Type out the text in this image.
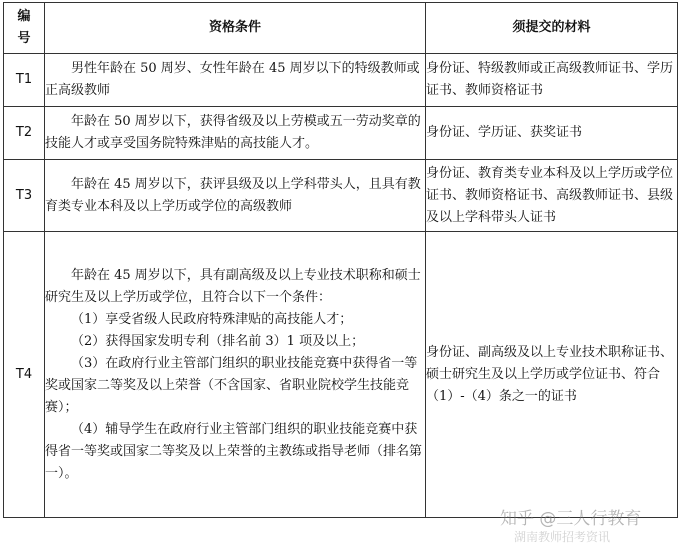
编
号	资格条件	须提交的材料
T1	男性年龄在 50 周岁、女性年龄在 45 周岁以下的特级教师或正高级教师	身份证、特级教师或正高级教师证书、学历证书、教师资格证书

T2	年龄在 50 周岁以下，获得省级及以上劳模或五一劳动奖章的技能人才或享受国务院特殊津贴的高技能人才。	身份证、学历证、获奖证书

T3	年龄在 45 周岁以下，获评县级及以上学科带头人，且具有教育类专业本科及以上学历或学位的高级教师	身份证、教育类专业本科及以上学历或学位证书、教师资格证书、高级教师证书、县级及以上学科带头人证书

T4	年龄在 45 周岁以下，具有副高级及以上专业技术职称和硕士研究生及以上学历或学位，且符合以下一个条件：

（1）享受省级人民政府特殊津贴的高技能人才；

（2）获得国家发明专利（排名前 3）1 项及以上；

（3）在政府行业主管部门组织的职业技能竞赛中获得省一等奖或国家二等奖及以上荣誉（不含国家、省职业院校学生技能竞赛）；

（4）辅导学生在政府行业主管部门组织的职业技能竞赛中获得省一等奖或国家二等奖及以上荣誉的主教练或指导老师（排名第一）。	身份证、副高级及以上专业技术职称证书、硕士研究生及以上学历或学位证书、符合（1）-（4）条之一的证书

知乎 @三人行教育
湖南教师招考资讯
